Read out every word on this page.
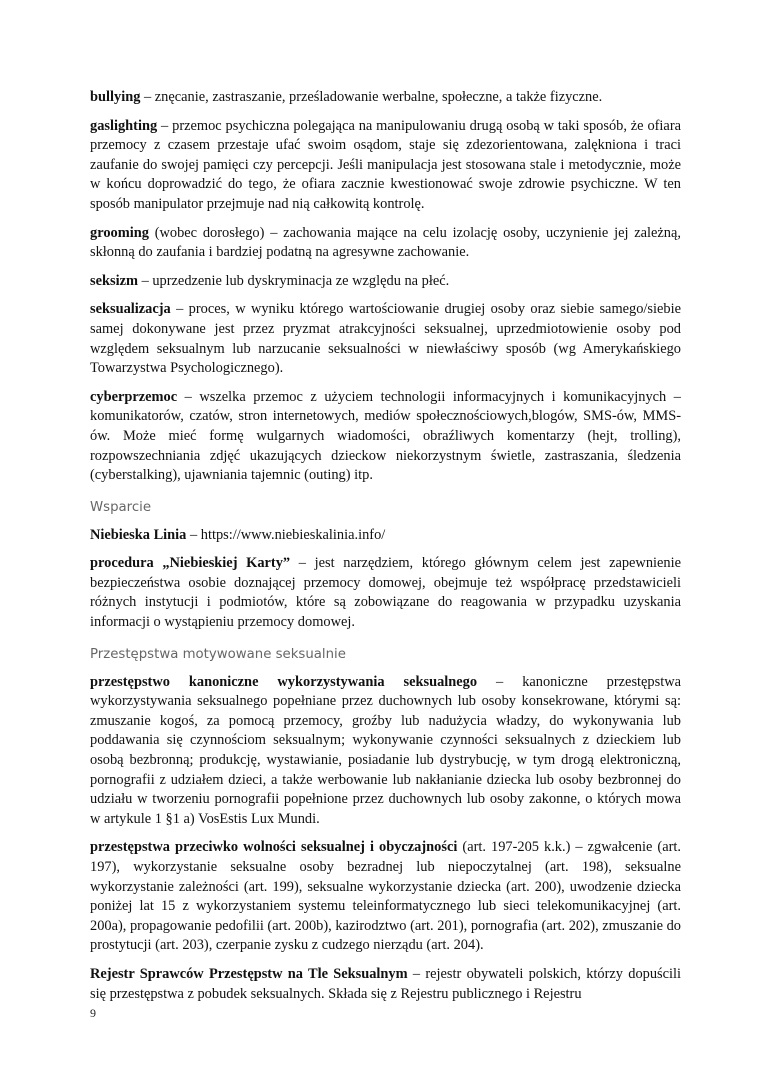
bullying – znęcanie, zastraszanie, prześladowanie werbalne, społeczne, a także fizyczne.

gaslighting – przemoc psychiczna polegająca na manipulowaniu drugą osobą w taki sposób, że ofiara przemocy z czasem przestaje ufać swoim osądom, staje się zdezorientowana, zalękniona i traci zaufanie do swojej pamięci czy percepcji. Jeśli manipulacja jest stosowana stale i metodycznie, może w końcu doprowadzić do tego, że ofiara zacznie kwestionować swoje zdrowie psychiczne. W ten sposób manipulator przejmuje nad nią całkowitą kontrolę.

grooming (wobec dorosłego) – zachowania mające na celu izolację osoby, uczynienie jej zależną, skłonną do zaufania i bardziej podatną na agresywne zachowanie.

seksizm – uprzedzenie lub dyskryminacja ze względu na płeć.

seksualizacja – proces, w wyniku którego wartościowanie drugiej osoby oraz siebie samego/siebie samej dokonywane jest przez pryzmat atrakcyjności seksualnej, uprzedmiotowienie osoby pod względem seksualnym lub narzucanie seksualności w niewłaściwy sposób (wg Amerykańskiego Towarzystwa Psychologicznego).

cyberprzemoc – wszelka przemoc z użyciem technologii informacyjnych i komunikacyjnych – komunikatorów, czatów, stron internetowych, mediów społecznościowych,blogów, SMS-ów, MMS-ów. Może mieć formę wulgarnych wiadomości, obraźliwych komentarzy (hejt, trolling), rozpowszechniania zdjęć ukazujących dzieckow niekorzystnym świetle, zastraszania, śledzenia (cyberstalking), ujawniania tajemnic (outing) itp.

Wsparcie

Niebieska Linia – https://www.niebieskalinia.info/

procedura „Niebieskiej Karty” – jest narzędziem, którego głównym celem jest zapewnienie bezpieczeństwa osobie doznającej przemocy domowej, obejmuje też współpracę przedstawicieli różnych instytucji i podmiotów, które są zobowiązane do reagowania w przypadku uzyskania informacji o wystąpieniu przemocy domowej.

Przestępstwa motywowane seksualnie

przestępstwo kanoniczne wykorzystywania seksualnego – kanoniczne przestępstwa wykorzystywania seksualnego popełniane przez duchownych lub osoby konsekrowane, którymi są: zmuszanie kogoś, za pomocą przemocy, groźby lub nadużycia władzy, do wykonywania lub poddawania się czynnościom seksualnym; wykonywanie czynności seksualnych z dzieckiem lub osobą bezbronną; produkcję, wystawianie, posiadanie lub dystrybucję, w tym drogą elektroniczną, pornografii z udziałem dzieci, a także werbowanie lub nakłanianie dziecka lub osoby bezbronnej do udziału w tworzeniu pornografii popełnione przez duchownych lub osoby zakonne, o których mowa w artykule 1 §1 a) VosEstis Lux Mundi.

przestępstwa przeciwko wolności seksualnej i obyczajności (art. 197-205 k.k.) – zgwałcenie (art. 197), wykorzystanie seksualne osoby bezradnej lub niepoczytalnej (art. 198), seksualne wykorzystanie zależności (art. 199), seksualne wykorzystanie dziecka (art. 200), uwodzenie dziecka poniżej lat 15 z wykorzystaniem systemu teleinformatycznego lub sieci telekomunikacyjnej (art. 200a), propagowanie pedofilii (art. 200b), kazirodztwo (art. 201), pornografia (art. 202), zmuszanie do prostytucji (art. 203), czerpanie zysku z cudzego nierządu (art. 204).

Rejestr Sprawców Przestępstw na Tle Seksualnym – rejestr obywateli polskich, którzy dopuścili się przestępstwa z pobudek seksualnych. Składa się z Rejestru publicznego i Rejestru

9
